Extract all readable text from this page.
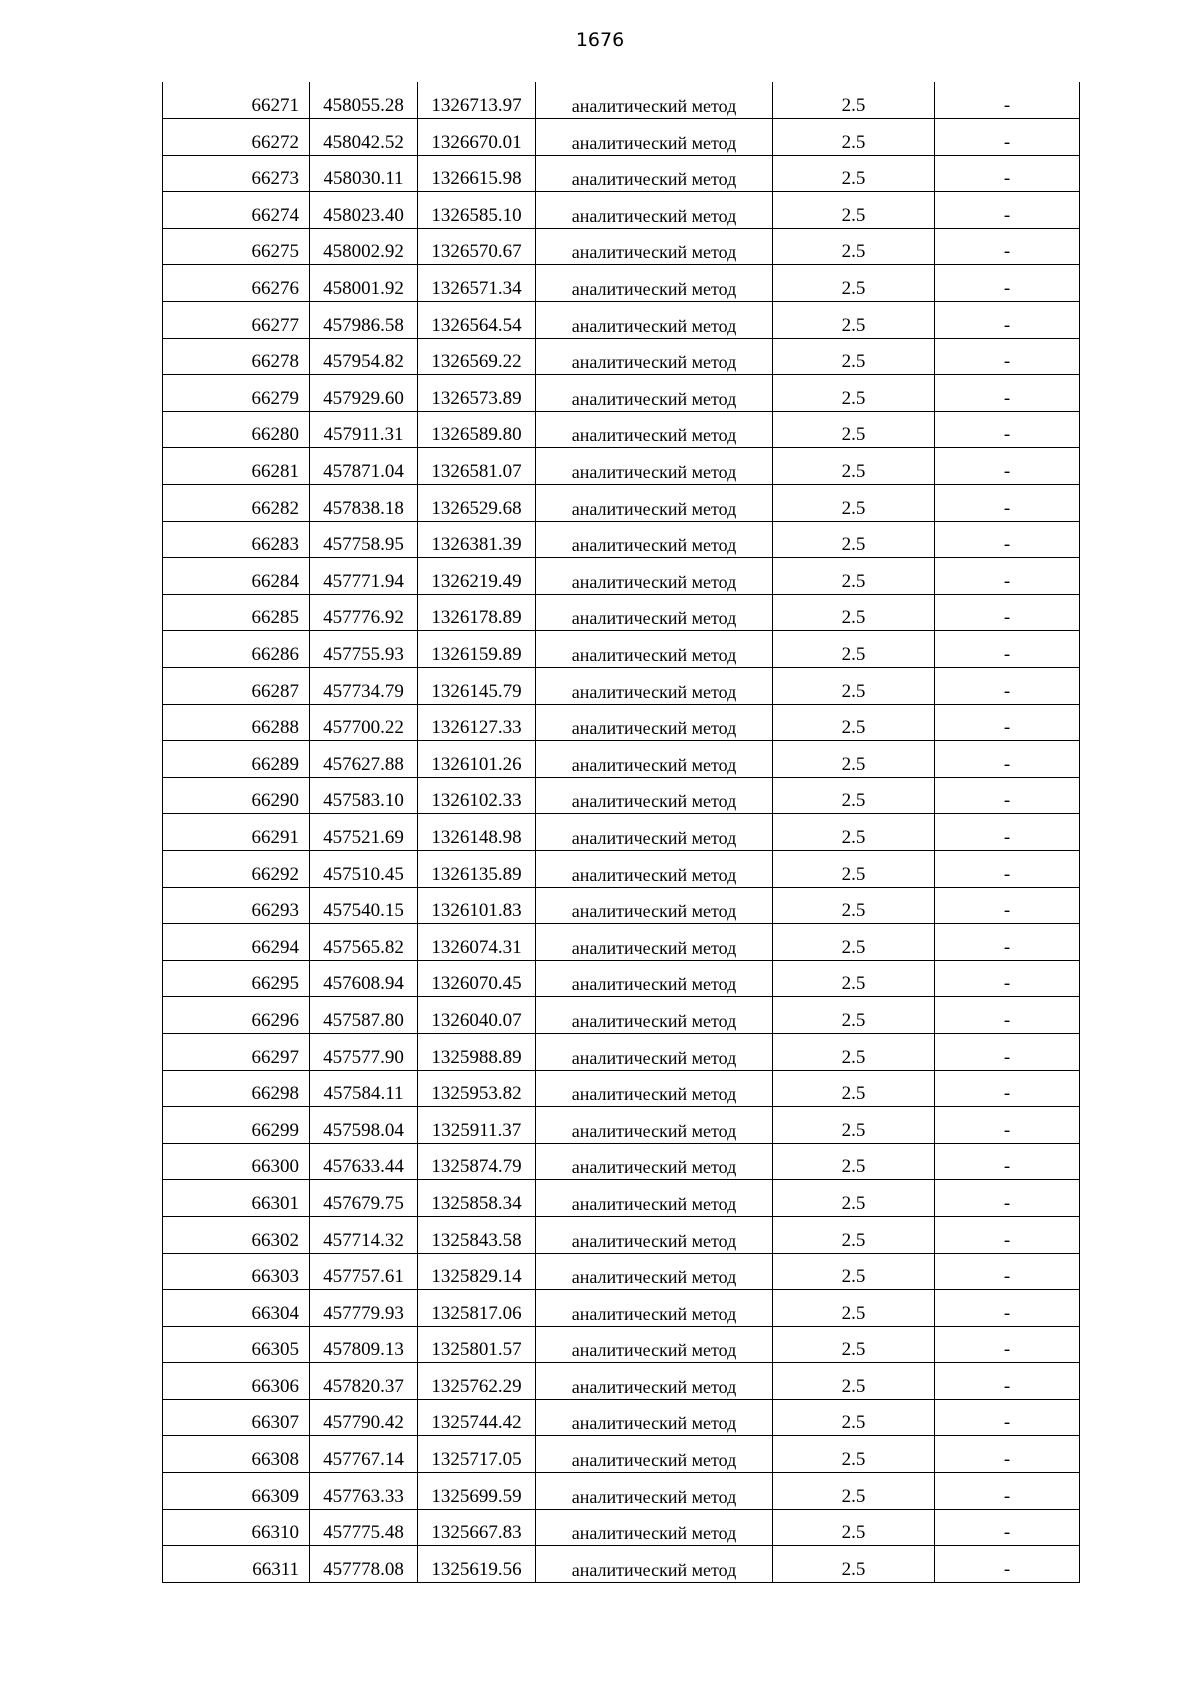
1676
66271	458055.28	1326713.97	аналитический метод	2.5	-
66272	458042.52	1326670.01	аналитический метод	2.5	-
66273	458030.11	1326615.98	аналитический метод	2.5	-
66274	458023.40	1326585.10	аналитический метод	2.5	-
66275	458002.92	1326570.67	аналитический метод	2.5	-
66276	458001.92	1326571.34	аналитический метод	2.5	-
66277	457986.58	1326564.54	аналитический метод	2.5	-
66278	457954.82	1326569.22	аналитический метод	2.5	-
66279	457929.60	1326573.89	аналитический метод	2.5	-
66280	457911.31	1326589.80	аналитический метод	2.5	-
66281	457871.04	1326581.07	аналитический метод	2.5	-
66282	457838.18	1326529.68	аналитический метод	2.5	-
66283	457758.95	1326381.39	аналитический метод	2.5	-
66284	457771.94	1326219.49	аналитический метод	2.5	-
66285	457776.92	1326178.89	аналитический метод	2.5	-
66286	457755.93	1326159.89	аналитический метод	2.5	-
66287	457734.79	1326145.79	аналитический метод	2.5	-
66288	457700.22	1326127.33	аналитический метод	2.5	-
66289	457627.88	1326101.26	аналитический метод	2.5	-
66290	457583.10	1326102.33	аналитический метод	2.5	-
66291	457521.69	1326148.98	аналитический метод	2.5	-
66292	457510.45	1326135.89	аналитический метод	2.5	-
66293	457540.15	1326101.83	аналитический метод	2.5	-
66294	457565.82	1326074.31	аналитический метод	2.5	-
66295	457608.94	1326070.45	аналитический метод	2.5	-
66296	457587.80	1326040.07	аналитический метод	2.5	-
66297	457577.90	1325988.89	аналитический метод	2.5	-
66298	457584.11	1325953.82	аналитический метод	2.5	-
66299	457598.04	1325911.37	аналитический метод	2.5	-
66300	457633.44	1325874.79	аналитический метод	2.5	-
66301	457679.75	1325858.34	аналитический метод	2.5	-
66302	457714.32	1325843.58	аналитический метод	2.5	-
66303	457757.61	1325829.14	аналитический метод	2.5	-
66304	457779.93	1325817.06	аналитический метод	2.5	-
66305	457809.13	1325801.57	аналитический метод	2.5	-
66306	457820.37	1325762.29	аналитический метод	2.5	-
66307	457790.42	1325744.42	аналитический метод	2.5	-
66308	457767.14	1325717.05	аналитический метод	2.5	-
66309	457763.33	1325699.59	аналитический метод	2.5	-
66310	457775.48	1325667.83	аналитический метод	2.5	-
66311	457778.08	1325619.56	аналитический метод	2.5	-
